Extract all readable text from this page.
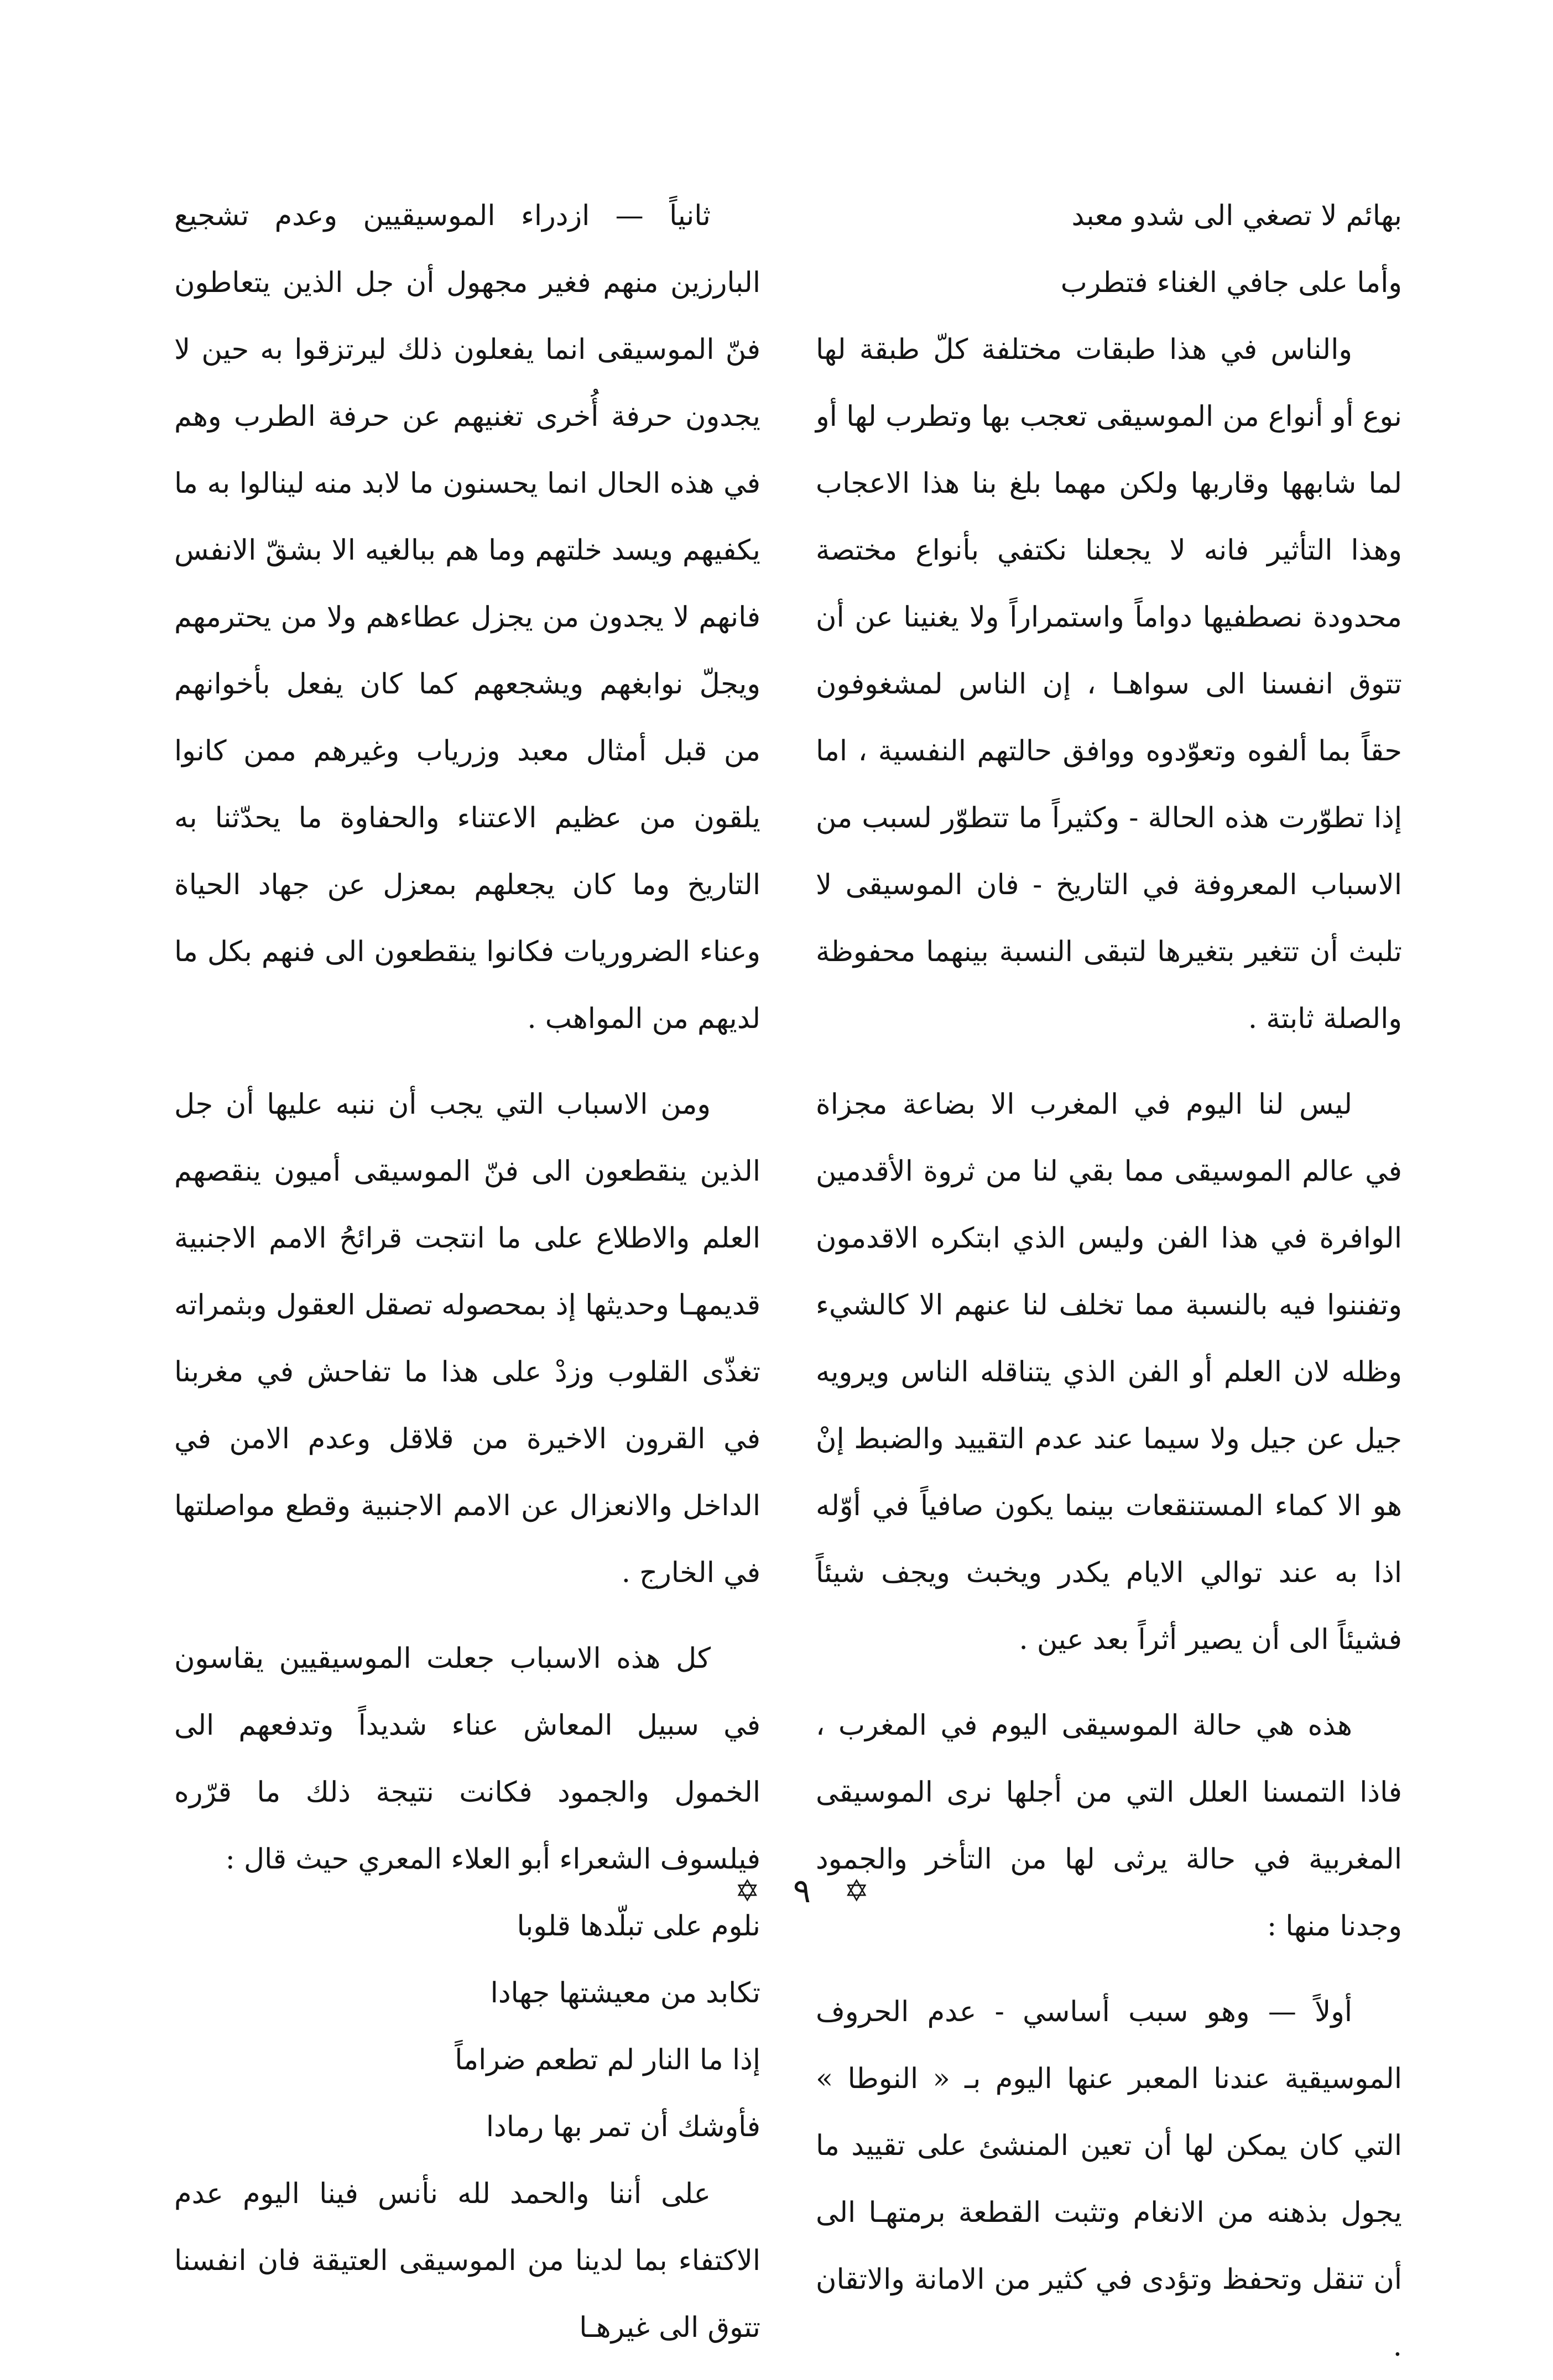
بهائم لا تصغي الى شدو معبد

وأما على جافي الغناء فتطرب

والناس في هذا طبقات مختلفة كلّ طبقة لها نوع أو أنواع من الموسيقى تعجب بها وتطرب لها أو لما شابهها وقاربها ولكن مهما بلغ بنا هذا الاعجاب وهذا التأثير فانه لا يجعلنا نكتفي بأنواع مختصة محدودة نصطفيها دواماً واستمراراً ولا يغنينا عن أن تتوق انفسنا الى سواهـا ، إن الناس لمشغوفون حقاً بما ألفوه وتعوّدوه ووافق حالتهم النفسية ، اما إذا تطوّرت هذه الحالة - وكثيراً ما تتطوّر لسبب من الاسباب المعروفة في التاريخ - فان الموسيقى لا تلبث أن تتغير بتغيرها لتبقى النسبة بينهما محفوظة والصلة ثابتة .

ليس لنا اليوم في المغرب الا بضاعة مجزاة في عالم الموسيقى مما بقي لنا من ثروة الأقدمين الوافرة في هذا الفن وليس الذي ابتكره الاقدمون وتفننوا فيه بالنسبة مما تخلف لنا عنهم الا كالشيء وظله لان العلم أو الفن الذي يتناقله الناس ويرويه جيل عن جيل ولا سيما عند عدم التقييد والضبط إنْ هو الا كماء المستنقعات بينما يكون صافياً في أوّله اذا به عند توالي الايام يكدر ويخبث ويجف شيئاً فشيئاً الى أن يصير أثراً بعد عين .

هذه هي حالة الموسيقى اليوم في المغرب ، فاذا التمسنا العلل التي من أجلها نرى الموسيقى المغربية في حالة يرثى لها من التأخر والجمود وجدنا منها :

أولاً — وهو سبب أساسي - عدم الحروف الموسيقية عندنا المعبر عنها اليوم بـ « النوطا » التي كان يمكن لها أن تعين المنشئ على تقييد ما يجول بذهنه من الانغام وتثبت القطعة برمتهـا الى أن تنقل وتحفظ وتؤدى في كثير من الامانة والاتقان .

ثانياً — ازدراء الموسيقيين وعدم تشجيع البارزين منهم فغير مجهول أن جل الذين يتعاطون فنّ الموسيقى انما يفعلون ذلك ليرتزقوا به حين لا يجدون حرفة أُخرى تغنيهم عن حرفة الطرب وهم في هذه الحال انما يحسنون ما لابد منه لينالوا به ما يكفيهم ويسد خلتهم وما هم ببالغيه الا بشقّ الانفس فانهم لا يجدون من يجزل عطاءهم ولا من يحترمهم ويجلّ نوابغهم ويشجعهم كما كان يفعل بأخوانهم من قبل أمثال معبد وزرياب وغيرهم ممن كانوا يلقون من عظيم الاعتناء والحفاوة ما يحدّثنا به التاريخ وما كان يجعلهم بمعزل عن جهاد الحياة وعناء الضروريات فكانوا ينقطعون الى فنهم بكل ما لديهم من المواهب .

ومن الاسباب التي يجب أن ننبه عليها أن جل الذين ينقطعون الى فنّ الموسيقى أميون ينقصهم العلم والاطلاع على ما انتجت قرائحُ الامم الاجنبية قديمهـا وحديثها إذ بمحصوله تصقل العقول وبثمراته تغذّى القلوب وزدْ على هذا ما تفاحش في مغربنا في القرون الاخيرة من قلاقل وعدم الامن في الداخل والانعزال عن الامم الاجنبية وقطع مواصلتها في الخارج .

كل هذه الاسباب جعلت الموسيقيين يقاسون في سبيل المعاش عناء شديداً وتدفعهم الى الخمول والجمود فكانت نتيجة ذلك ما قرّره فيلسوف الشعراء أبو العلاء المعري حيث قال :

نلوم على تبلّدها قلوبا

تكابد من معيشتها جهادا

إذا ما النار لم تطعم ضراماً

فأوشك أن تمر بها رمادا

على أننا والحمد لله نأنس فينا اليوم عدم الاكتفاء بما لدينا من الموسيقى العتيقة فان انفسنا تتوق الى غيرهـا

✡ ٩ ✡
